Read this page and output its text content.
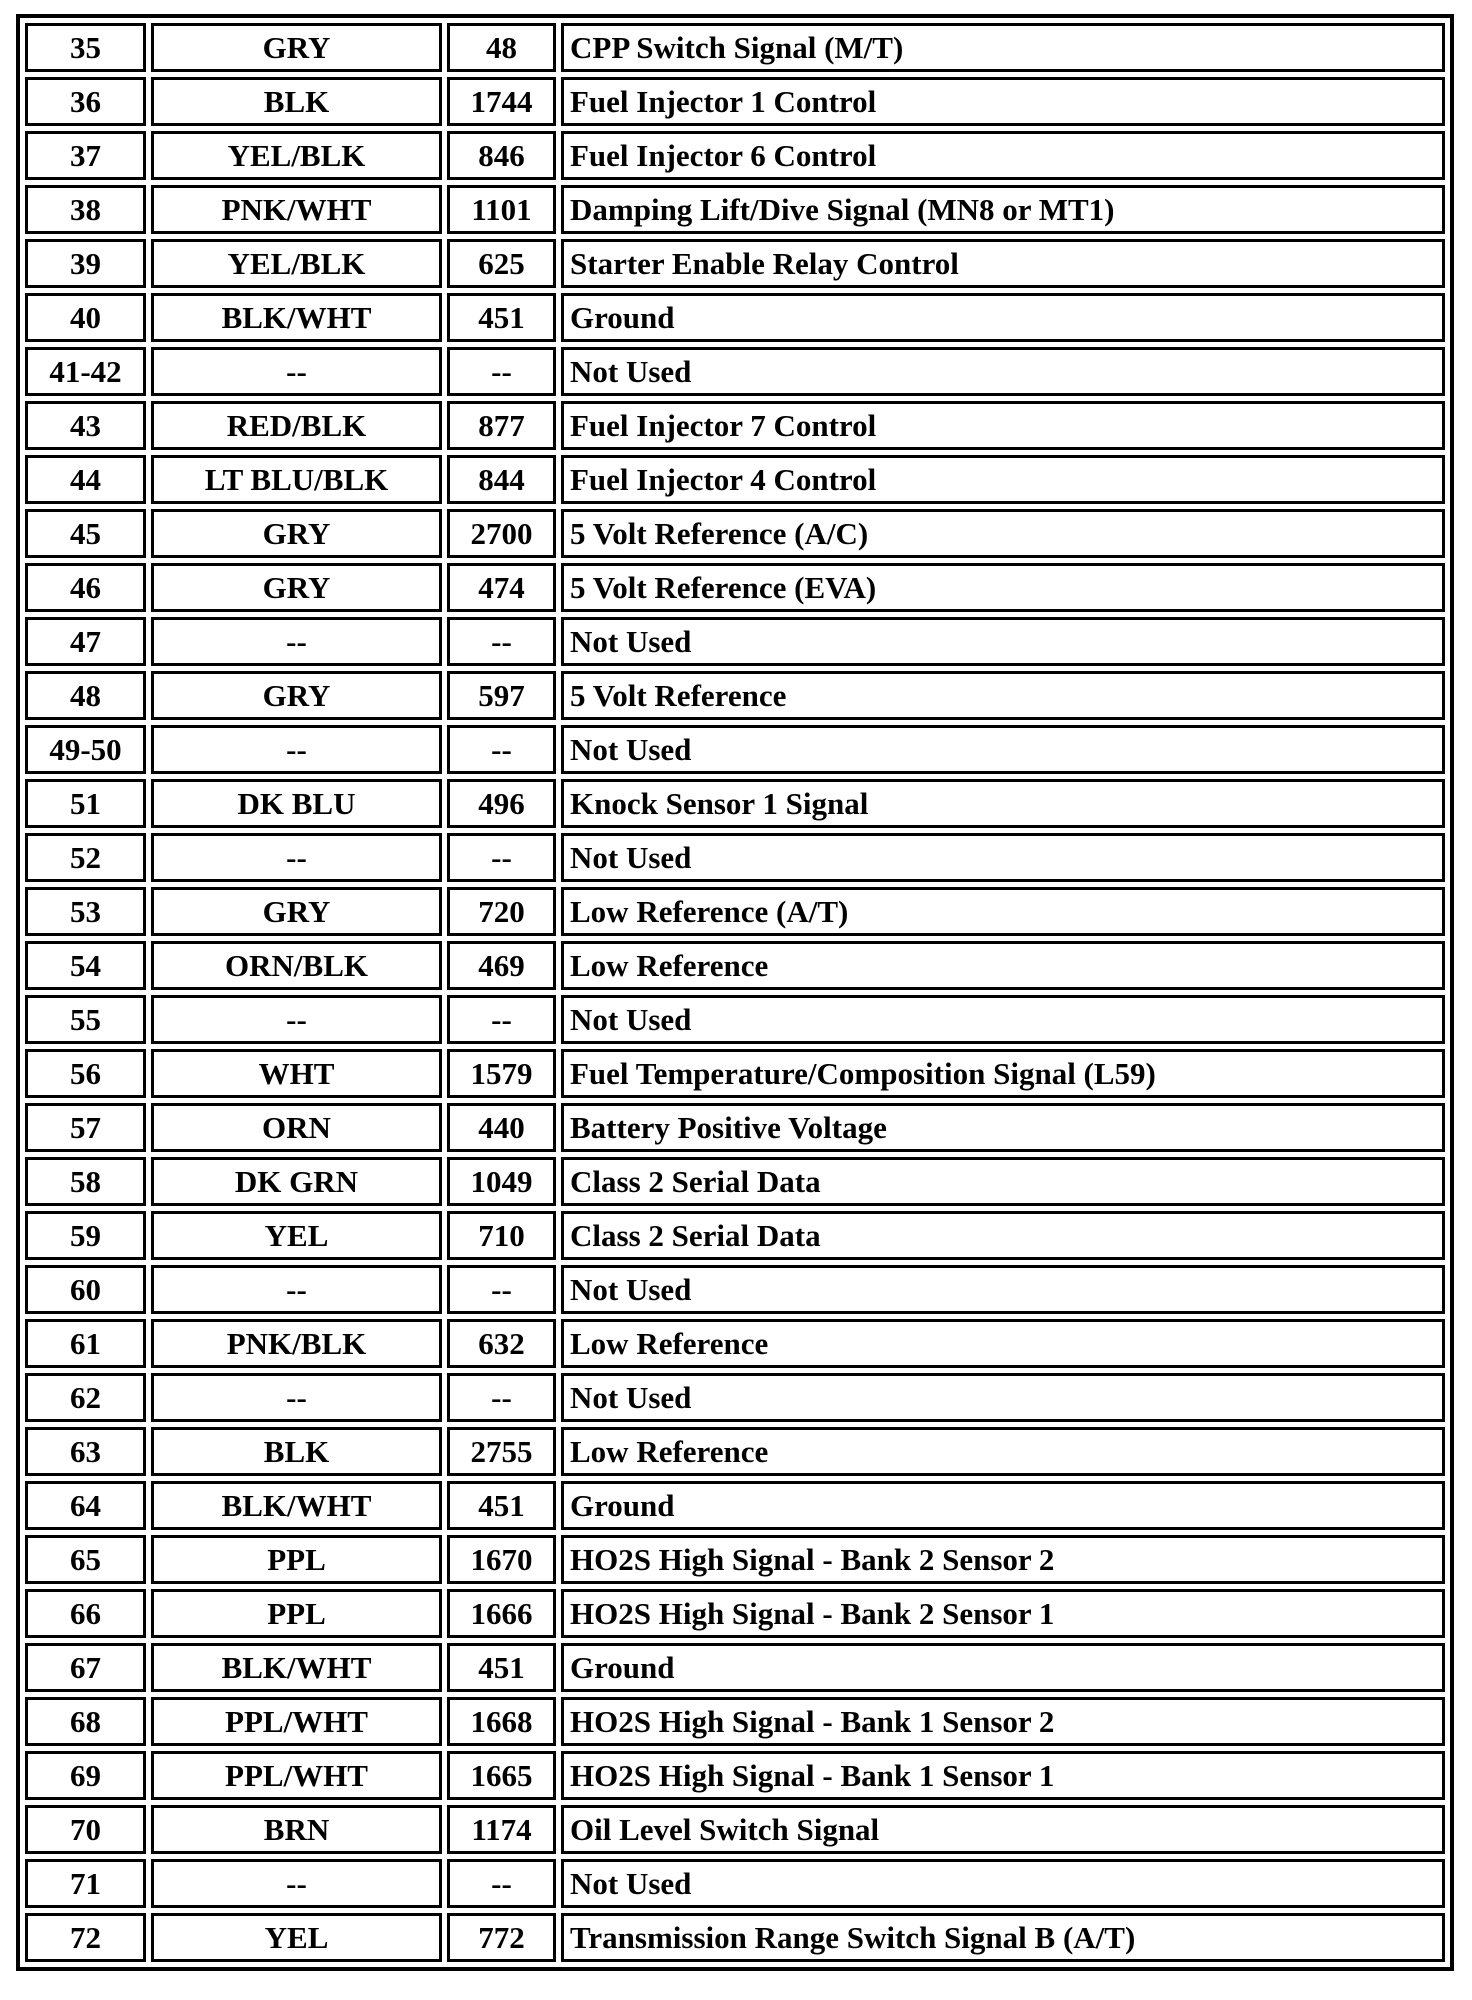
35	GRY	48	CPP Switch Signal (M/T)
36	BLK	1744	Fuel Injector 1 Control
37	YEL/BLK	846	Fuel Injector 6 Control
38	PNK/WHT	1101	Damping Lift/Dive Signal (MN8 or MT1)
39	YEL/BLK	625	Starter Enable Relay Control
40	BLK/WHT	451	Ground
41-42	--	--	Not Used
43	RED/BLK	877	Fuel Injector 7 Control
44	LT BLU/BLK	844	Fuel Injector 4 Control
45	GRY	2700	5 Volt Reference (A/C)
46	GRY	474	5 Volt Reference (EVA)
47	--	--	Not Used
48	GRY	597	5 Volt Reference
49-50	--	--	Not Used
51	DK BLU	496	Knock Sensor 1 Signal
52	--	--	Not Used
53	GRY	720	Low Reference (A/T)
54	ORN/BLK	469	Low Reference
55	--	--	Not Used
56	WHT	1579	Fuel Temperature/Composition Signal (L59)
57	ORN	440	Battery Positive Voltage
58	DK GRN	1049	Class 2 Serial Data
59	YEL	710	Class 2 Serial Data
60	--	--	Not Used
61	PNK/BLK	632	Low Reference
62	--	--	Not Used
63	BLK	2755	Low Reference
64	BLK/WHT	451	Ground
65	PPL	1670	HO2S High Signal - Bank 2 Sensor 2
66	PPL	1666	HO2S High Signal - Bank 2 Sensor 1
67	BLK/WHT	451	Ground
68	PPL/WHT	1668	HO2S High Signal - Bank 1 Sensor 2
69	PPL/WHT	1665	HO2S High Signal - Bank 1 Sensor 1
70	BRN	1174	Oil Level Switch Signal
71	--	--	Not Used
72	YEL	772	Transmission Range Switch Signal B (A/T)
